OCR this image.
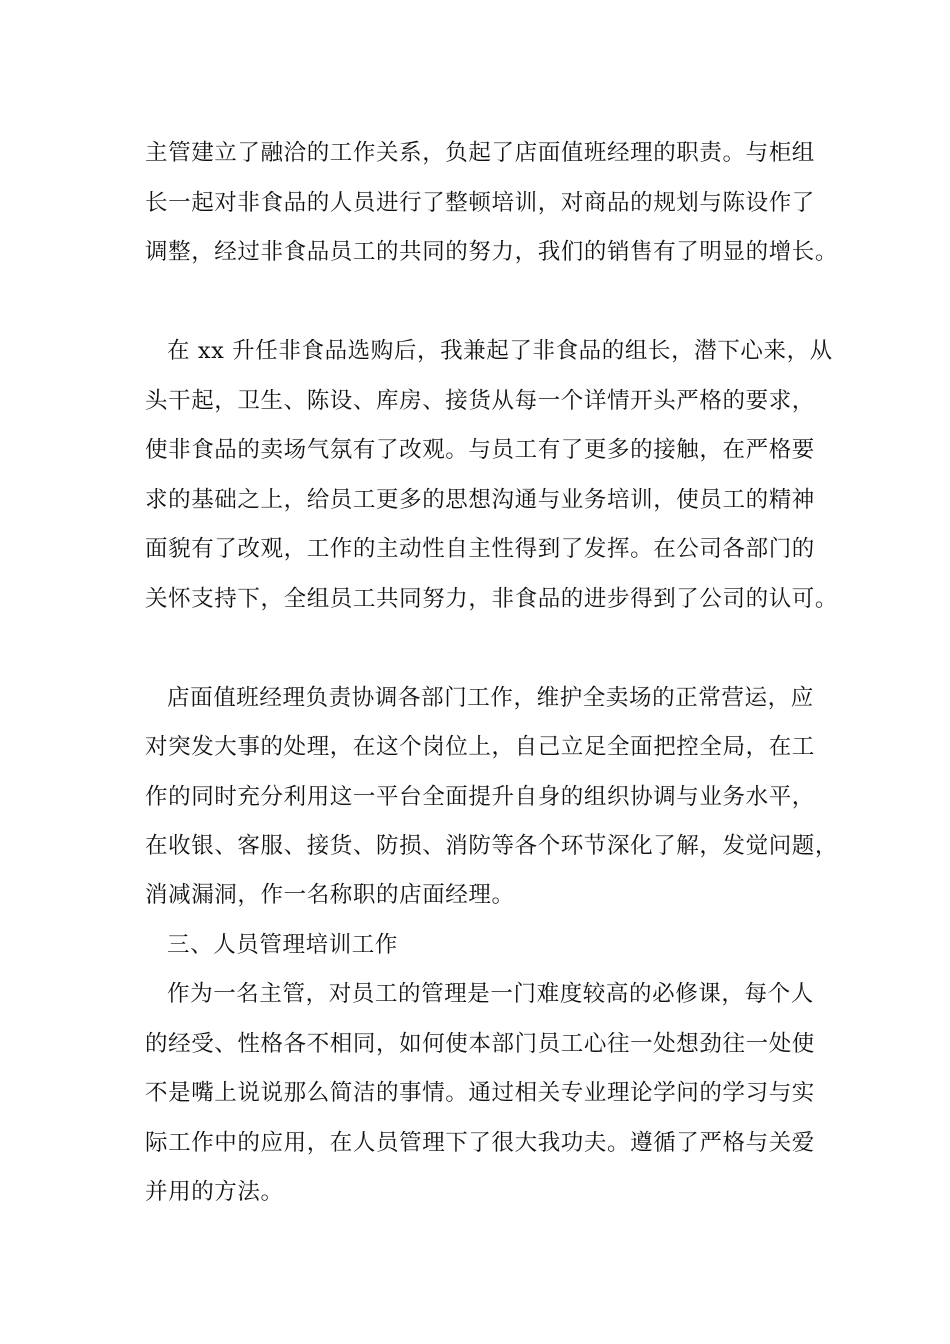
主管建立了融洽的工作关系，负起了店面值班经理的职责。与柜组
长一起对非食品的人员进行了整顿培训，对商品的规划与陈设作了
调整，经过非食品员工的共同的努力，我们的销售有了明显的增长。
在 xx 升任非食品选购后，我兼起了非食品的组长，潜下心来，从
头干起，卫生、陈设、库房、接货从每一个详情开头严格的要求，
使非食品的卖场气氛有了改观。与员工有了更多的接触，在严格要
求的基础之上，给员工更多的思想沟通与业务培训，使员工的精神
面貌有了改观，工作的主动性自主性得到了发挥。在公司各部门的
关怀支持下，全组员工共同努力，非食品的进步得到了公司的认可。
店面值班经理负责协调各部门工作，维护全卖场的正常营运，应
对突发大事的处理，在这个岗位上，自己立足全面把控全局，在工
作的同时充分利用这一平台全面提升自身的组织协调与业务水平，
在收银、客服、接货、防损、消防等各个环节深化了解，发觉问题，
消减漏洞，作一名称职的店面经理。
三、人员管理培训工作
作为一名主管，对员工的管理是一门难度较高的必修课，每个人
的经受、性格各不相同，如何使本部门员工心往一处想劲往一处使
不是嘴上说说那么简洁的事情。通过相关专业理论学问的学习与实
际工作中的应用，在人员管理下了很大我功夫。遵循了严格与关爱
并用的方法。
